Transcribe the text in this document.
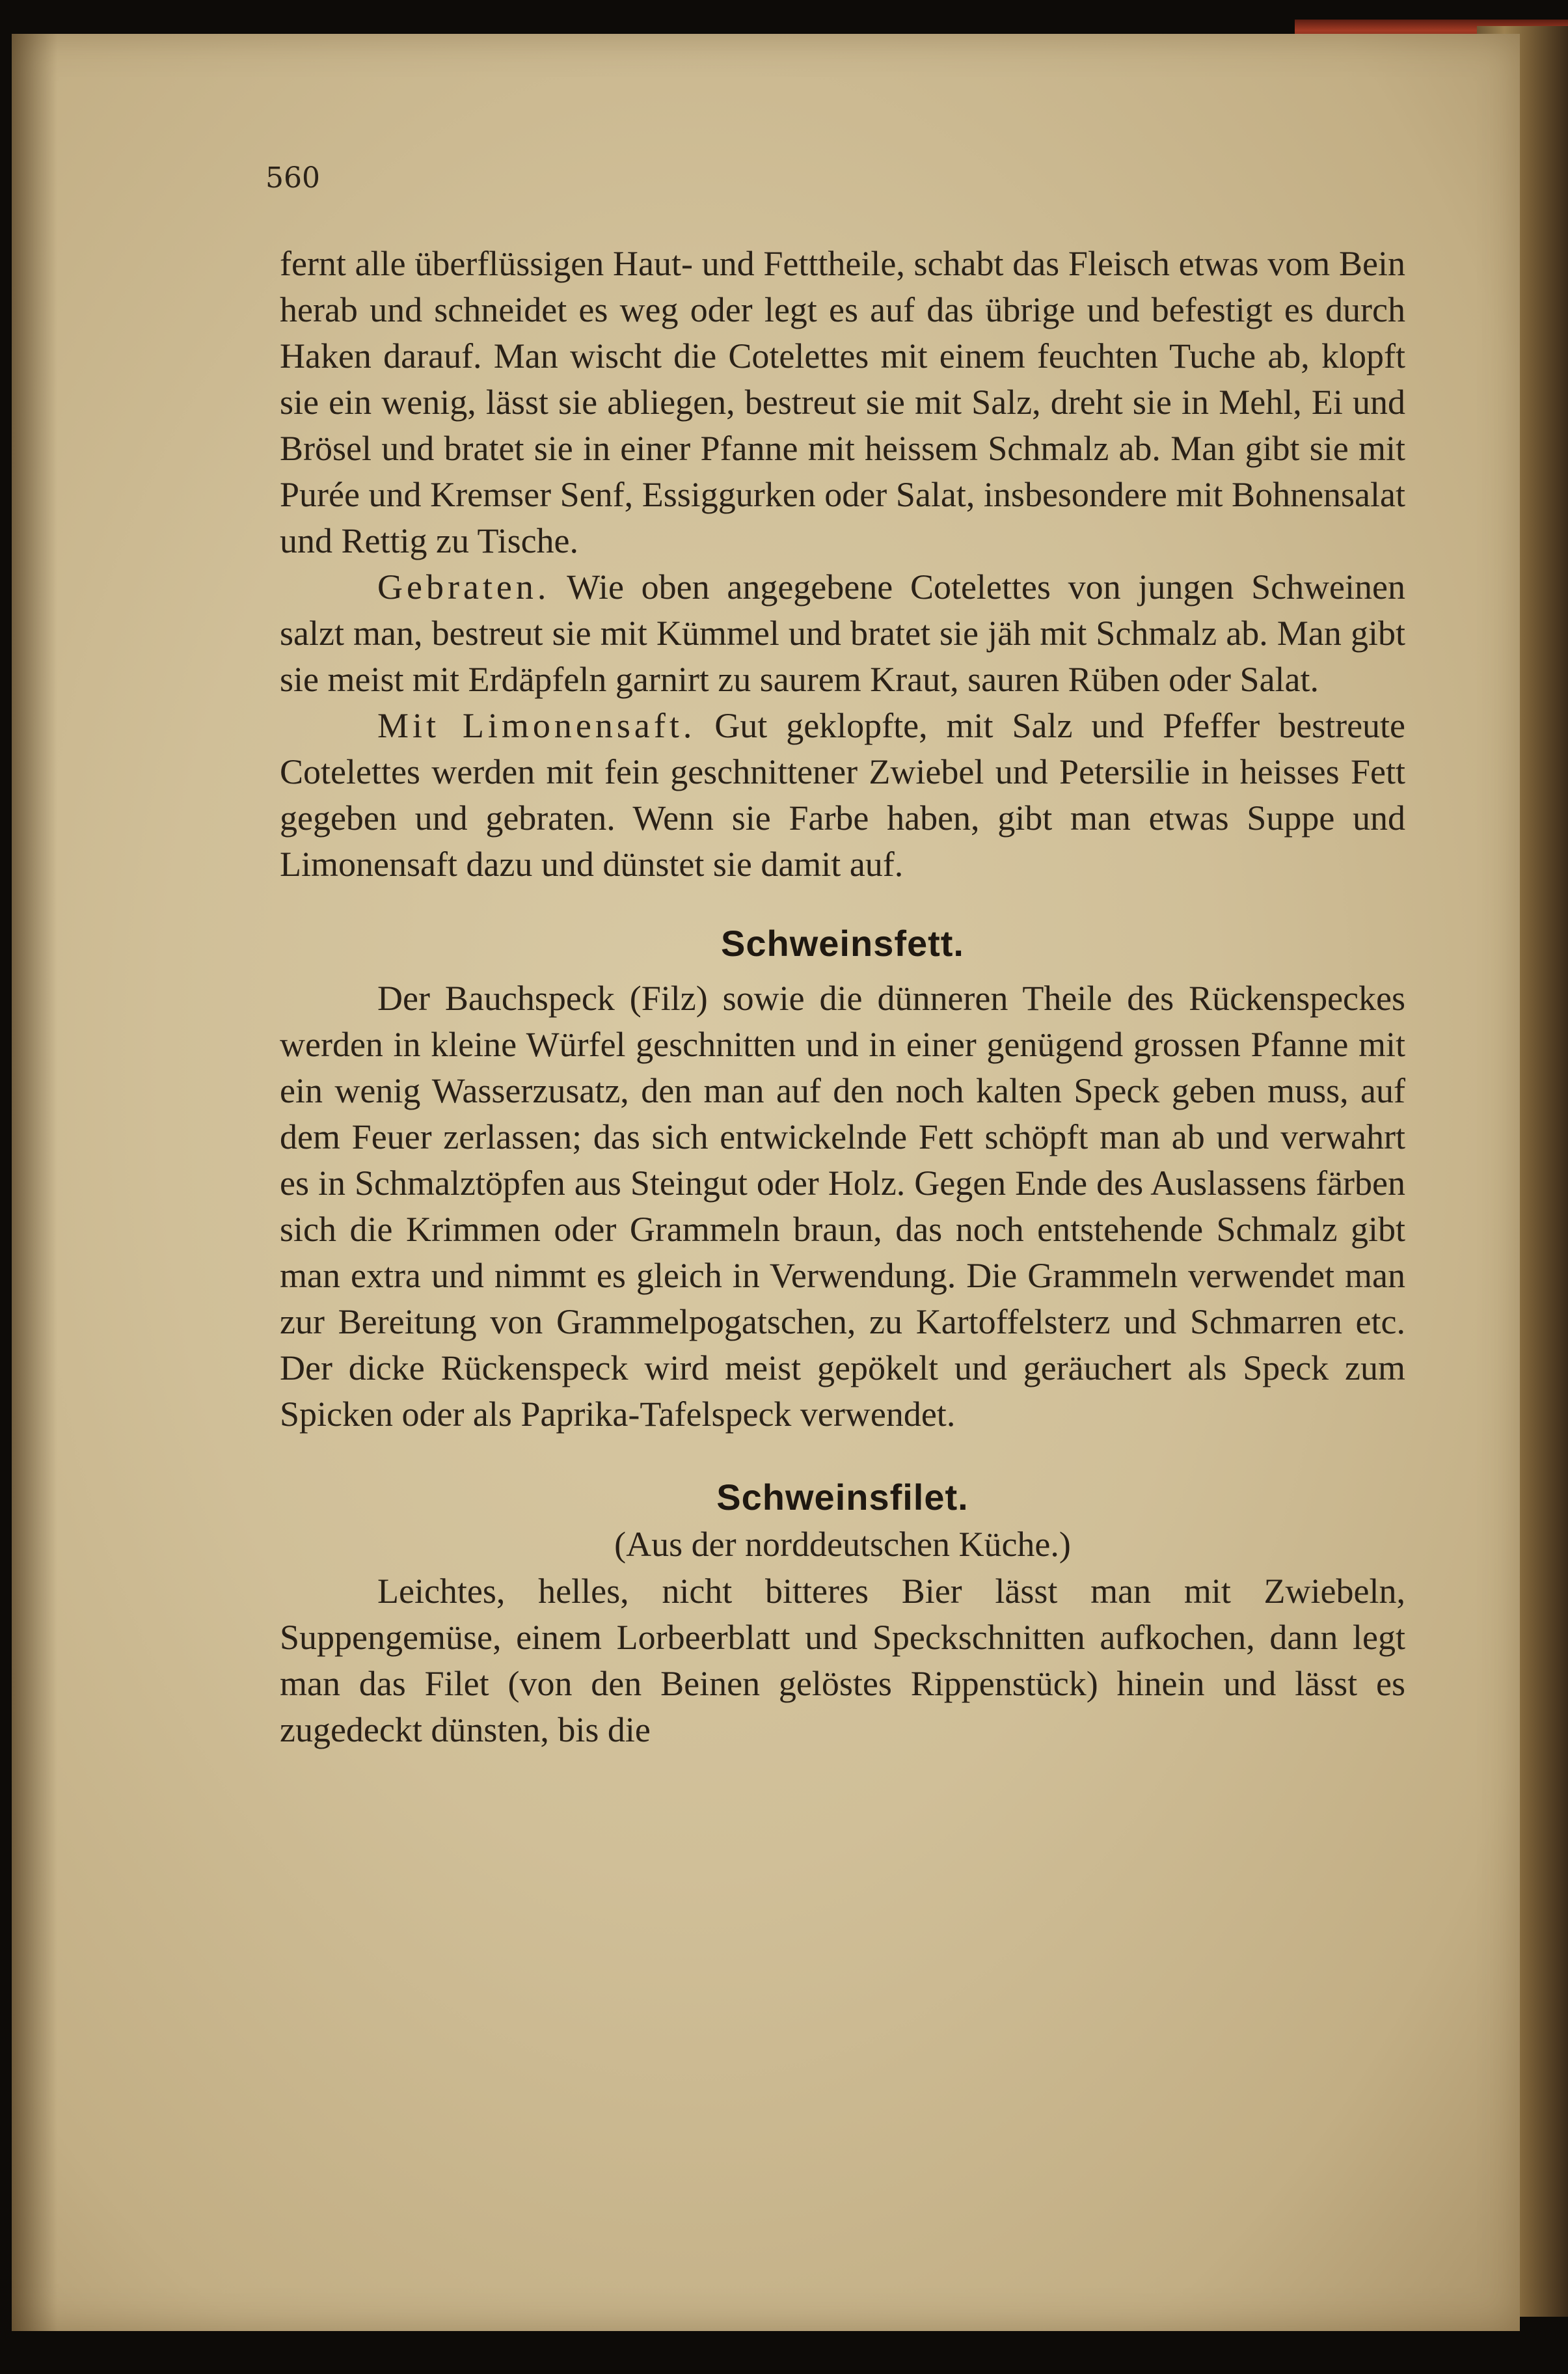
560

fernt alle überflüssigen Haut- und Fetttheile, schabt das Fleisch etwas vom Bein herab und schneidet es weg oder legt es auf das übrige und befestigt es durch Haken darauf. Man wischt die Cotelettes mit einem feuchten Tuche ab, klopft sie ein wenig, lässt sie abliegen, bestreut sie mit Salz, dreht sie in Mehl, Ei und Brösel und bratet sie in einer Pfanne mit heissem Schmalz ab. Man gibt sie mit Purée und Kremser Senf, Essiggurken oder Salat, insbesondere mit Bohnensalat und Rettig zu Tische.

Gebraten. Wie oben angegebene Cotelettes von jungen Schweinen salzt man, bestreut sie mit Kümmel und bratet sie jäh mit Schmalz ab. Man gibt sie meist mit Erdäpfeln garnirt zu saurem Kraut, sauren Rüben oder Salat.

Mit Limonensaft. Gut geklopfte, mit Salz und Pfeffer bestreute Cotelettes werden mit fein geschnittener Zwiebel und Petersilie in heisses Fett gegeben und gebraten. Wenn sie Farbe haben, gibt man etwas Suppe und Limonensaft dazu und dünstet sie damit auf.

Schweinsfett.

Der Bauchspeck (Filz) sowie die dünneren Theile des Rückenspeckes werden in kleine Würfel geschnitten und in einer genügend grossen Pfanne mit ein wenig Wasserzusatz, den man auf den noch kalten Speck geben muss, auf dem Feuer zerlassen; das sich entwickelnde Fett schöpft man ab und verwahrt es in Schmalztöpfen aus Steingut oder Holz. Gegen Ende des Auslassens färben sich die Krimmen oder Grammeln braun, das noch entstehende Schmalz gibt man extra und nimmt es gleich in Verwendung. Die Grammeln verwendet man zur Bereitung von Grammelpogatschen, zu Kartoffelsterz und Schmarren etc. Der dicke Rückenspeck wird meist gepökelt und geräuchert als Speck zum Spicken oder als Paprika-Tafelspeck verwendet.

Schweinsfilet.

(Aus der norddeutschen Küche.)

Leichtes, helles, nicht bitteres Bier lässt man mit Zwiebeln, Suppengemüse, einem Lorbeerblatt und Speckschnitten aufkochen, dann legt man das Filet (von den Beinen gelöstes Rippenstück) hinein und lässt es zugedeckt dünsten, bis die
